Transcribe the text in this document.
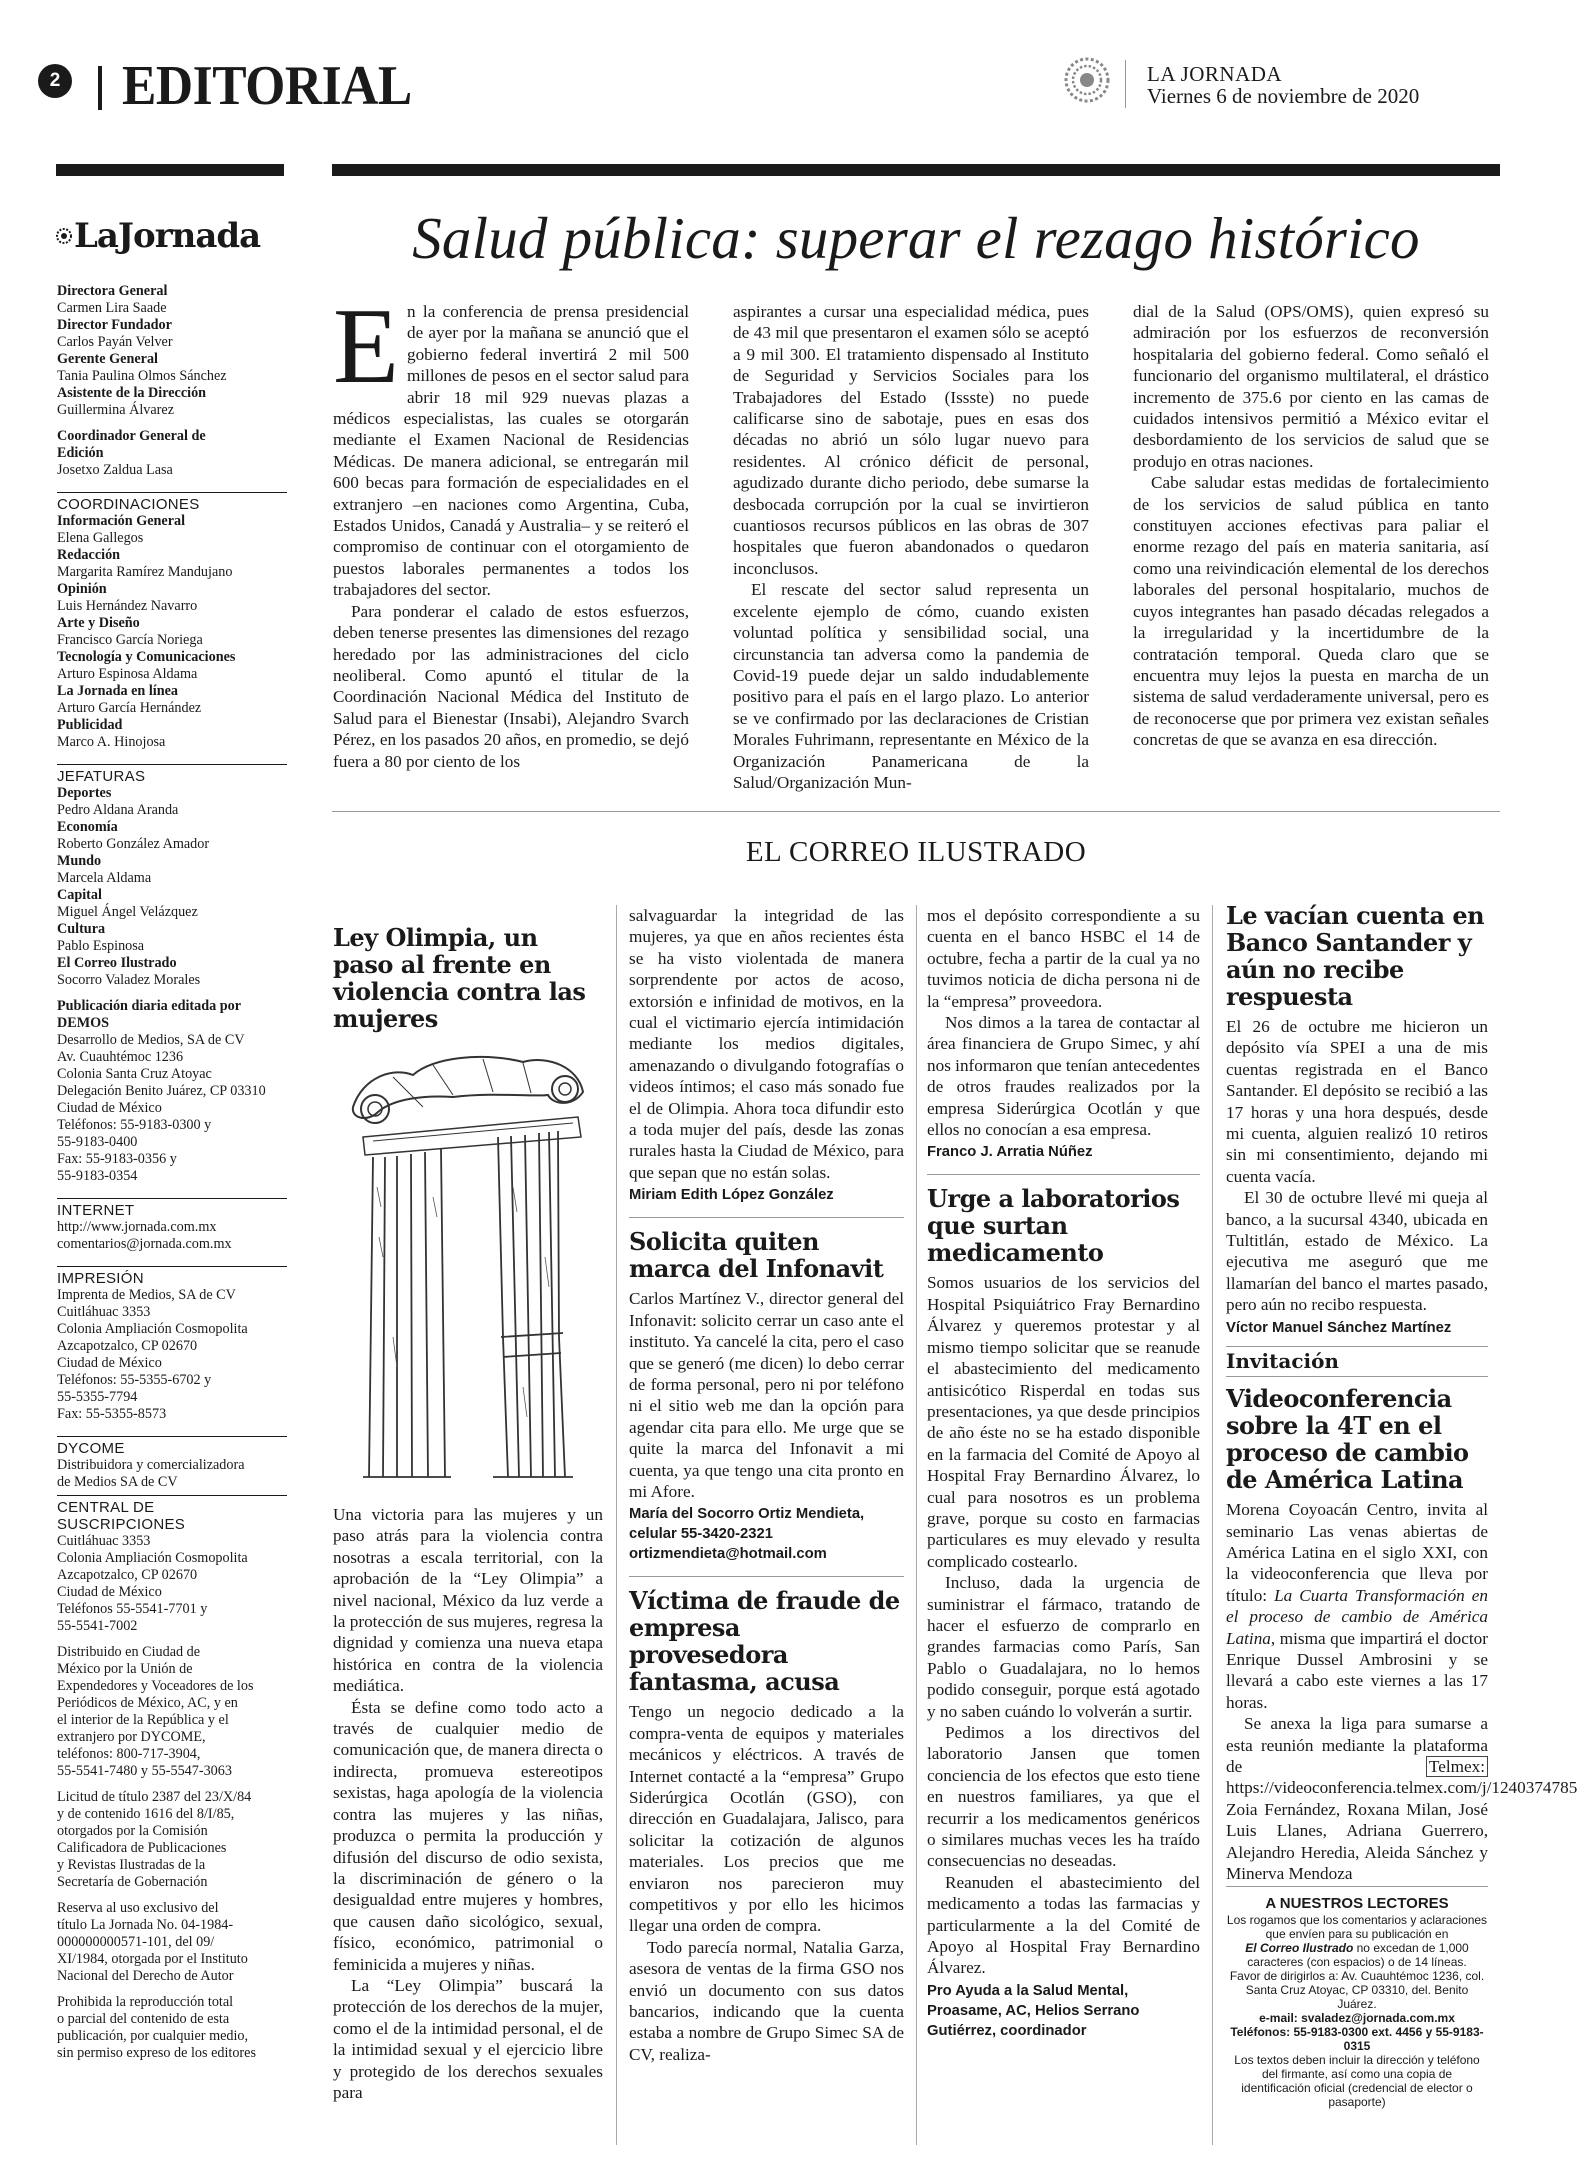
2 EDITORIAL	LA JORNADA
Viernes 6 de noviembre de 2020
LaJornada

Directora General

Carmen Lira Saade

Director Fundador

Carlos Payán Velver

Gerente General

Tania Paulina Olmos Sánchez

Asistente de la Dirección

Guillermina Álvarez

Coordinador General de

Edición

Josetxo Zaldua Lasa

COORDINACIONES

Información General

Elena Gallegos

Redacción

Margarita Ramírez Mandujano

Opinión

Luis Hernández Navarro

Arte y Diseño

Francisco García Noriega

Tecnología y Comunicaciones

Arturo Espinosa Aldama

La Jornada en línea

Arturo García Hernández

Publicidad

Marco A. Hinojosa

JEFATURAS

Deportes

Pedro Aldana Aranda

Economía

Roberto González Amador

Mundo

Marcela Aldama

Capital

Miguel Ángel Velázquez

Cultura

Pablo Espinosa

El Correo Ilustrado

Socorro Valadez Morales

Publicación diaria editada por

DEMOS

Desarrollo de Medios, SA de CV

Av. Cuauhtémoc 1236

Colonia Santa Cruz Atoyac

Delegación Benito Juárez, CP 03310

Ciudad de México

Teléfonos: 55-9183-0300 y

55-9183-0400

Fax: 55-9183-0356 y

55-9183-0354

INTERNET

http://www.jornada.com.mx

comentarios@jornada.com.mx

IMPRESIÓN

Imprenta de Medios, SA de CV

Cuitláhuac 3353

Colonia Ampliación Cosmopolita

Azcapotzalco, CP 02670

Ciudad de México

Teléfonos: 55-5355-6702 y

55-5355-7794

Fax: 55-5355-8573

DYCOME

Distribuidora y comercializadora

de Medios SA de CV

CENTRAL DE SUSCRIPCIONES

Cuitláhuac 3353

Colonia Ampliación Cosmopolita

Azcapotzalco, CP 02670

Ciudad de México

Teléfonos 55-5541-7701 y

55-5541-7002

Distribuido en Ciudad de

México por la Unión de

Expendedores y Voceadores de los

Periódicos de México, AC, y en

el interior de la República y el

extranjero por DYCOME,

teléfonos: 800-717-3904,

55-5541-7480 y 55-5547-3063

Licitud de título 2387 del 23/X/84

y de contenido 1616 del 8/I/85,

otorgados por la Comisión

Calificadora de Publicaciones

y Revistas Ilustradas de la

Secretaría de Gobernación

Reserva al uso exclusivo del

título La Jornada No. 04-1984-

000000000571-101, del 09/

XI/1984, otorgada por el Instituto

Nacional del Derecho de Autor

Prohibida la reproducción total

o parcial del contenido de esta

publicación, por cualquier medio,

sin permiso expreso de los editores

Salud pública: superar el rezago histórico

En la conferencia de prensa presidencial de ayer por la mañana se anunció que el gobierno federal invertirá 2 mil 500 millones de pesos en el sector salud para abrir 18 mil 929 nuevas plazas a médicos especialistas, las cuales se otorgarán mediante el Examen Nacional de Residencias Médicas. De manera adicional, se entregarán mil 600 becas para formación de especialidades en el extranjero –en naciones como Argentina, Cuba, Estados Unidos, Canadá y Australia– y se reiteró el compromiso de continuar con el otorgamiento de puestos laborales permanentes a todos los trabajadores del sector.

Para ponderar el calado de estos esfuerzos, deben tenerse presentes las dimensiones del rezago heredado por las administraciones del ciclo neoliberal. Como apuntó el titular de la Coordinación Nacional Médica del Instituto de Salud para el Bienestar (Insabi), Alejandro Svarch Pérez, en los pasados 20 años, en promedio, se dejó fuera a 80 por ciento de los

aspirantes a cursar una especialidad médica, pues de 43 mil que presentaron el examen sólo se aceptó a 9 mil 300. El tratamiento dispensado al Instituto de Seguridad y Servicios Sociales para los Trabajadores del Estado (Issste) no puede calificarse sino de sabotaje, pues en esas dos décadas no abrió un sólo lugar nuevo para residentes. Al crónico déficit de personal, agudizado durante dicho periodo, debe sumarse la desbocada corrupción por la cual se invirtieron cuantiosos recursos públicos en las obras de 307 hospitales que fueron abandonados o quedaron inconclusos.

El rescate del sector salud representa un excelente ejemplo de cómo, cuando existen voluntad política y sensibilidad social, una circunstancia tan adversa como la pandemia de Covid-19 puede dejar un saldo indudablemente positivo para el país en el largo plazo. Lo anterior se ve confirmado por las declaraciones de Cristian Morales Fuhrimann, representante en México de la Organización Panamericana de la Salud/Organización Mun-

dial de la Salud (OPS/OMS), quien expresó su admiración por los esfuerzos de reconversión hospitalaria del gobierno federal. Como señaló el funcionario del organismo multilateral, el drástico incremento de 375.6 por ciento en las camas de cuidados intensivos permitió a México evitar el desbordamiento de los servicios de salud que se produjo en otras naciones.

Cabe saludar estas medidas de fortalecimiento de los servicios de salud pública en tanto constituyen acciones efectivas para paliar el enorme rezago del país en materia sanitaria, así como una reivindicación elemental de los derechos laborales del personal hospitalario, muchos de cuyos integrantes han pasado décadas relegados a la irregularidad y la incertidumbre de la contratación temporal. Queda claro que se encuentra muy lejos la puesta en marcha de un sistema de salud verdaderamente universal, pero es de reconocerse que por primera vez existan señales concretas de que se avanza en esa dirección.

EL CORREO ILUSTRADO
Ley Olimpia, un paso al frente en violencia contra las mujeres

Una victoria para las mujeres y un paso atrás para la violencia contra nosotras a escala territorial, con la aprobación de la “Ley Olimpia” a nivel nacional, México da luz verde a la protección de sus mujeres, regresa la dignidad y comienza una nueva etapa histórica en contra de la violencia mediática.

Ésta se define como todo acto a través de cualquier medio de comunicación que, de manera directa o indirecta, promueva estereotipos sexistas, haga apología de la violencia contra las mujeres y las niñas, produzca o permita la producción y difusión del discurso de odio sexista, la discriminación de género o la desigualdad entre mujeres y hombres, que causen daño sicológico, sexual, físico, económico, patrimonial o feminicida a mujeres y niñas.

La “Ley Olimpia” buscará la protección de los derechos de la mujer, como el de la intimidad personal, el de la intimidad sexual y el ejercicio libre y protegido de los derechos sexuales para

salvaguardar la integridad de las mujeres, ya que en años recientes ésta se ha visto violentada de manera sorprendente por actos de acoso, extorsión e infinidad de motivos, en la cual el victimario ejercía intimidación mediante los medios digitales, amenazando o divulgando fotografías o videos íntimos; el caso más sonado fue el de Olimpia. Ahora toca difundir esto a toda mujer del país, desde las zonas rurales hasta la Ciudad de México, para que sepan que no están solas.

Miriam Edith López González

Solicita quiten marca del Infonavit

Carlos Martínez V., director general del Infonavit: solicito cerrar un caso ante el instituto. Ya cancelé la cita, pero el caso que se generó (me dicen) lo debo cerrar de forma personal, pero ni por teléfono ni el sitio web me dan la opción para agendar cita para ello. Me urge que se quite la marca del Infonavit a mi cuenta, ya que tengo una cita pronto en mi Afore.

María del Socorro Ortiz Mendieta, celular 55-3420-2321 ortizmendieta@hotmail.com

Víctima de fraude de empresa provesedora fantasma, acusa

Tengo un negocio dedicado a la compra-venta de equipos y materiales mecánicos y eléctricos. A través de Internet contacté a la “empresa” Grupo Siderúrgica Ocotlán (GSO), con dirección en Guadalajara, Jalisco, para solicitar la cotización de algunos materiales. Los precios que me enviaron nos parecieron muy competitivos y por ello les hicimos llegar una orden de compra.

Todo parecía normal, Natalia Garza, asesora de ventas de la firma GSO nos envió un documento con sus datos bancarios, indicando que la cuenta estaba a nombre de Grupo Simec SA de CV, realiza-

mos el depósito correspondiente a su cuenta en el banco HSBC el 14 de octubre, fecha a partir de la cual ya no tuvimos noticia de dicha persona ni de la “empresa” proveedora.

Nos dimos a la tarea de contactar al área financiera de Grupo Simec, y ahí nos informaron que tenían antecedentes de otros fraudes realizados por la empresa Siderúrgica Ocotlán y que ellos no conocían a esa empresa.

Franco J. Arratia Núñez

Urge a laboratorios que surtan medicamento

Somos usuarios de los servicios del Hospital Psiquiátrico Fray Bernardino Álvarez y queremos protestar y al mismo tiempo solicitar que se reanude el abastecimiento del medicamento antisicótico Risperdal en todas sus presentaciones, ya que desde principios de año éste no se ha estado disponible en la farmacia del Comité de Apoyo al Hospital Fray Bernardino Álvarez, lo cual para nosotros es un problema grave, porque su costo en farmacias particulares es muy elevado y resulta complicado costearlo.

Incluso, dada la urgencia de suministrar el fármaco, tratando de hacer el esfuerzo de comprarlo en grandes farmacias como París, San Pablo o Guadalajara, no lo hemos podido conseguir, porque está agotado y no saben cuándo lo volverán a surtir.

Pedimos a los directivos del laboratorio Jansen que tomen conciencia de los efectos que esto tiene en nuestros familiares, ya que el recurrir a los medicamentos genéricos o similares muchas veces les ha traído consecuencias no deseadas.

Reanuden el abastecimiento del medicamento a todas las farmacias y particularmente a la del Comité de Apoyo al Hospital Fray Bernardino Álvarez.

Pro Ayuda a la Salud Mental, Proasame, AC, Helios Serrano Gutiérrez, coordinador

Le vacían cuenta en Banco Santander y aún no recibe respuesta

El 26 de octubre me hicieron un depósito vía SPEI a una de mis cuentas registrada en el Banco Santander. El depósito se recibió a las 17 horas y una hora después, desde mi cuenta, alguien realizó 10 retiros sin mi consentimiento, dejando mi cuenta vacía.

El 30 de octubre llevé mi queja al banco, a la sucursal 4340, ubicada en Tultitlán, estado de México. La ejecutiva me aseguró que me llamarían del banco el martes pasado, pero aún no recibo respuesta.

Víctor Manuel Sánchez Martínez

Invitación
Videoconferencia sobre la 4T en el proceso de cambio de América Latina

Morena Coyoacán Centro, invita al seminario Las venas abiertas de América Latina en el siglo XXI, con la videoconferencia que lleva por título: La Cuarta Transformación en el proceso de cambio de América Latina, misma que impartirá el doctor Enrique Dussel Ambrosini y se llevará a cabo este viernes a las 17 horas.

Se anexa la liga para sumarse a esta reunión mediante la plataforma de Telmex: https://videoconferencia.telmex.com/j/1240374785

Zoia Fernández, Roxana Milan, José Luis Llanes, Adriana Guerrero, Alejandro Heredia, Aleida Sánchez y Minerva Mendoza

A NUESTROS LECTORES
Los rogamos que los comentarios y aclaraciones que envíen para su publicación en
El Correo Ilustrado no excedan de 1,000 caracteres (con espacios) o de 14 líneas.
Favor de dirigirlos a: Av. Cuauhtémoc 1236, col. Santa Cruz Atoyac, CP 03310, del. Benito Juárez.
e-mail: svaladez@jornada.com.mx
Teléfonos: 55-9183-0300 ext. 4456 y 55-9183-0315
Los textos deben incluir la dirección y teléfono del firmante, así como una copia de identificación oficial (credencial de elector o pasaporte)
